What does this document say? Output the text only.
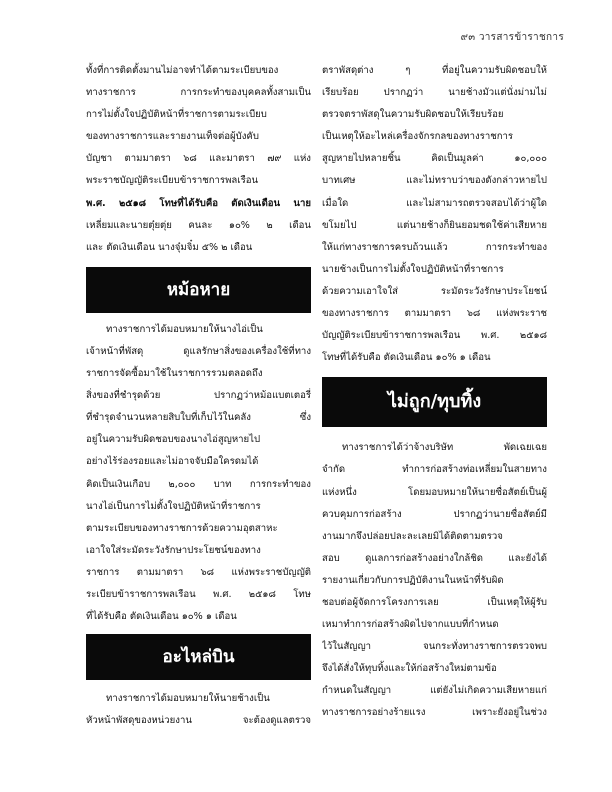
๙๓ วารสารข้าราชการ

ทั้งที่การติดตั้งมานไม่อาจทำได้ตามระเบียบของ
ทางราชการ การกระทำของบุคคลทั้งสามเป็น
การไม่ตั้งใจปฏิบัติหน้าที่ราชการตามระเบียบ
ของทางราชการและรายงานเท็จต่อผู้บังคับ
บัญชา ตามมาตรา ๖๘ และมาตรา ๗๙ แห่ง
พระราชบัญญัติระเบียบข้าราชการพลเรือน
พ.ศ. ๒๕๑๘ โทษที่ได้รับคือ ตัดเงินเดือน นาย
เหลี่ยมและนายตุ๋ยตุ่ย คนละ ๑๐% ๒ เดือน
และ ตัดเงินเดือน นางจุ๋มจิ๋ม ๕% ๒ เดือน

หม้อหาย

ทางราชการได้มอบหมายให้นางไอ่เป็น
เจ้าหน้าที่พัสดุ ดูแลรักษาสิ่งของเครื่องใช้ที่ทาง
ราชการจัดซื้อมาใช้ในราชการรวมตลอดถึง
สิ่งของที่ชำรุดด้วย ปรากฏว่าหม้อแบตเตอรี่
ที่ชำรุดจำนวนหลายสิบใบที่เก็บไว้ในคลัง ซึ่ง
อยู่ในความรับผิดชอบของนางไอ่สูญหายไป
อย่างไร้ร่องรอยและไม่อาจจับมือใครดมได้
คิดเป็นเงินเกือบ ๒,๐๐๐ บาท การกระทำของ
นางไอ่เป็นการไม่ตั้งใจปฏิบัติหน้าที่ราชการ
ตามระเบียบของทางราชการด้วยความอุตสาหะ
เอาใจใส่ระมัดระวังรักษาประโยชน์ของทาง
ราชการ ตามมาตรา ๖๘ แห่งพระราชบัญญัติ
ระเบียบข้าราชการพลเรือน พ.ศ. ๒๕๑๘ โทษ
ที่ได้รับคือ ตัดเงินเดือน ๑๐% ๑ เดือน

อะไหล่บิน

ทางราชการได้มอบหมายให้นายช้างเป็น
หัวหน้าพัสดุของหน่วยงาน จะต้องดูแลตรวจ

ตราพัสดุต่าง ๆ ที่อยู่ในความรับผิดชอบให้
เรียบร้อย ปรากฏว่า นายช้างมัวแต่นั่งม่ามไม่
ตรวจตราพัสดุในความรับผิดชอบให้เรียบร้อย
เป็นเหตุให้อะไหล่เครื่องจักรกลของทางราชการ
สูญหายไปหลายชิ้น คิดเป็นมูลค่า ๑๐,๐๐๐
บาทเศษ และไม่ทราบว่าของดังกล่าวหายไป
เมื่อใด และไม่สามารถตรวจสอบได้ว่าผู้ใด
ขโมยไป แต่นายช้างก็ยินยอมชดใช้ค่าเสียหาย
ให้แก่ทางราชการครบถ้วนแล้ว การกระทำของ
นายช้างเป็นการไม่ตั้งใจปฏิบัติหน้าที่ราชการ
ด้วยความเอาใจใส่ ระมัดระวังรักษาประโยชน์
ของทางราชการ ตามมาตรา ๖๘ แห่งพระราช
บัญญัติระเบียบข้าราชการพลเรือน พ.ศ. ๒๕๑๘
โทษที่ได้รับคือ ตัดเงินเดือน ๑๐% ๑ เดือน

ไม่ถูก/ทุบทิ้ง

ทางราชการได้ว่าจ้างบริษัท พัดเฉยเฉย
จำกัด ทำการก่อสร้างท่อเหลี่ยมในสายทาง
แห่งหนึ่ง โดยมอบหมายให้นายซื่อสัตย์เป็นผู้
ควบคุมการก่อสร้าง ปรากฏว่านายซื่อสัตย์มี
งานมากจึงปล่อยปละละเลยมิได้ติดตามตรวจ
สอบ ดูแลการก่อสร้างอย่างใกล้ชิด และยังได้
รายงานเกี่ยวกับการปฏิบัติงานในหน้าที่รับผิด
ชอบต่อผู้จัดการโครงการเลย เป็นเหตุให้ผู้รับ
เหมาทำการก่อสร้างผิดไปจากแบบที่กำหนด
ไว้ในสัญญา จนกระทั่งทางราชการตรวจพบ
จึงได้สั่งให้ทุบทิ้งและให้ก่อสร้างใหม่ตามข้อ
กำหนดในสัญญา แต่ยังไม่เกิดความเสียหายแก่
ทางราชการอย่างร้ายแรง เพราะยังอยู่ในช่วง
